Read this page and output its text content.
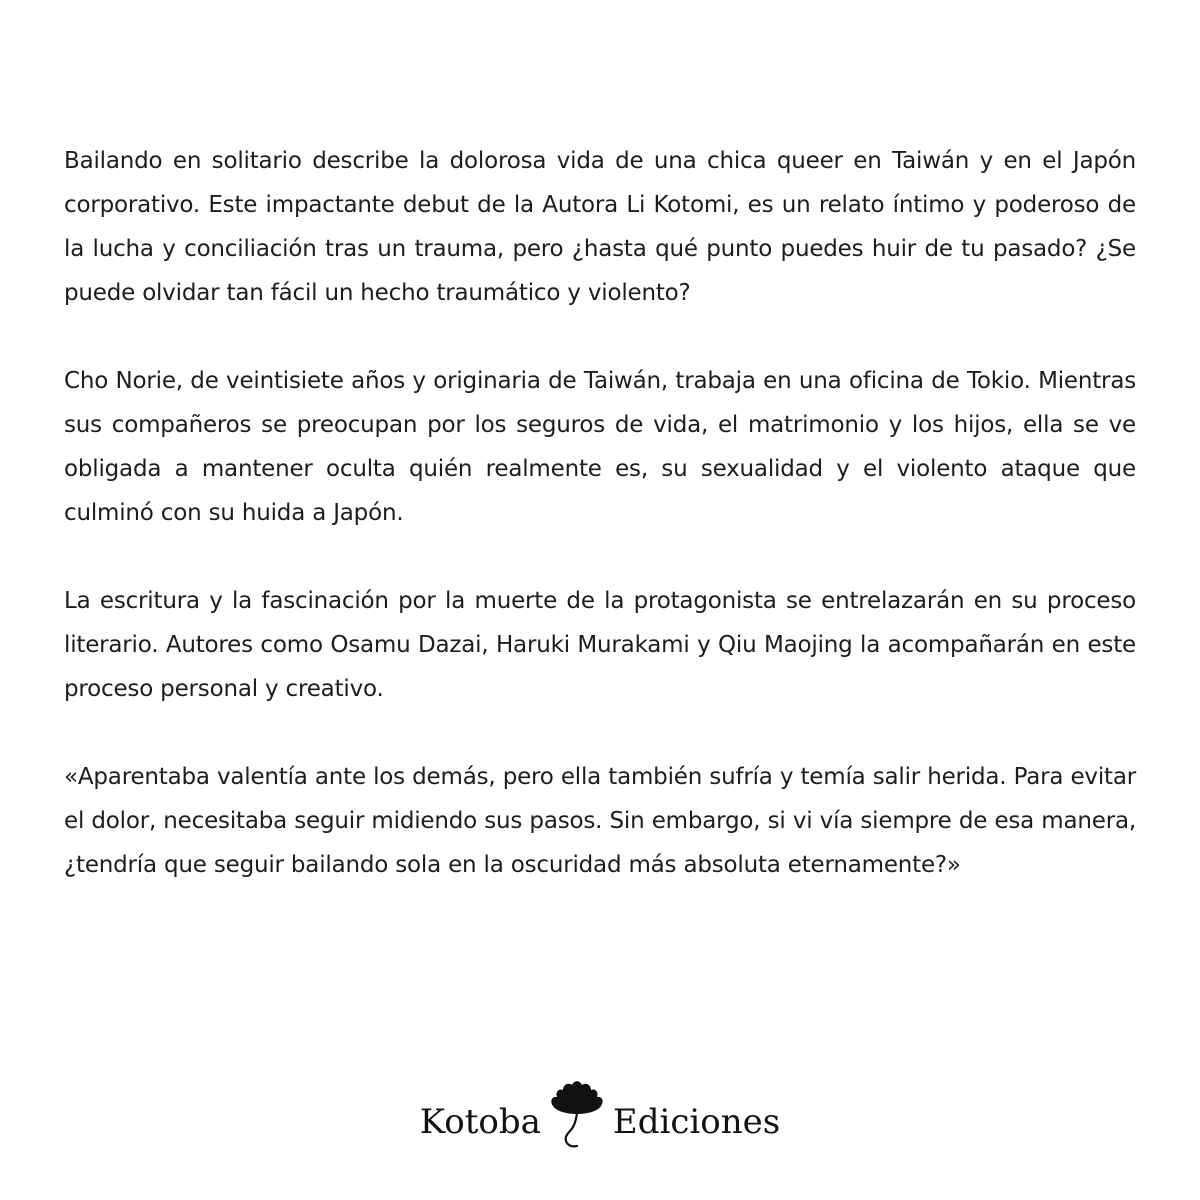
Bailando en solitario describe la dolorosa vida de una chica queer en Taiwán y en el Japón corporativo. Este impactante debut de la Autora Li Kotomi, es un relato íntimo y poderoso de la lucha y conciliación tras un trauma, pero ¿hasta qué punto puedes huir de tu pasado? ¿Se puede olvidar tan fácil un hecho traumático y violento?

Cho Norie, de veintisiete años y originaria de Taiwán, trabaja en una oficina de Tokio. Mientras sus compañeros se preocupan por los seguros de vida, el matrimonio y los hijos, ella se ve obligada a mantener oculta quién realmente es, su sexualidad y el violento ataque que culminó con su huida a Japón.

La escritura y la fascinación por la muerte de la protagonista se entrelazarán en su proceso literario. Autores como Osamu Dazai, Haruki Murakami y Qiu Maojing la acompañarán en este proceso personal y creativo.

«Aparentaba valentía ante los demás, pero ella también sufría y temía salir herida. Para evitar el dolor, necesitaba seguir midiendo sus pasos. Sin embargo, si vi vía siempre de esa manera, ¿tendría que seguir bailando sola en la oscuridad más absoluta eternamente?»

Kotoba Ediciones
